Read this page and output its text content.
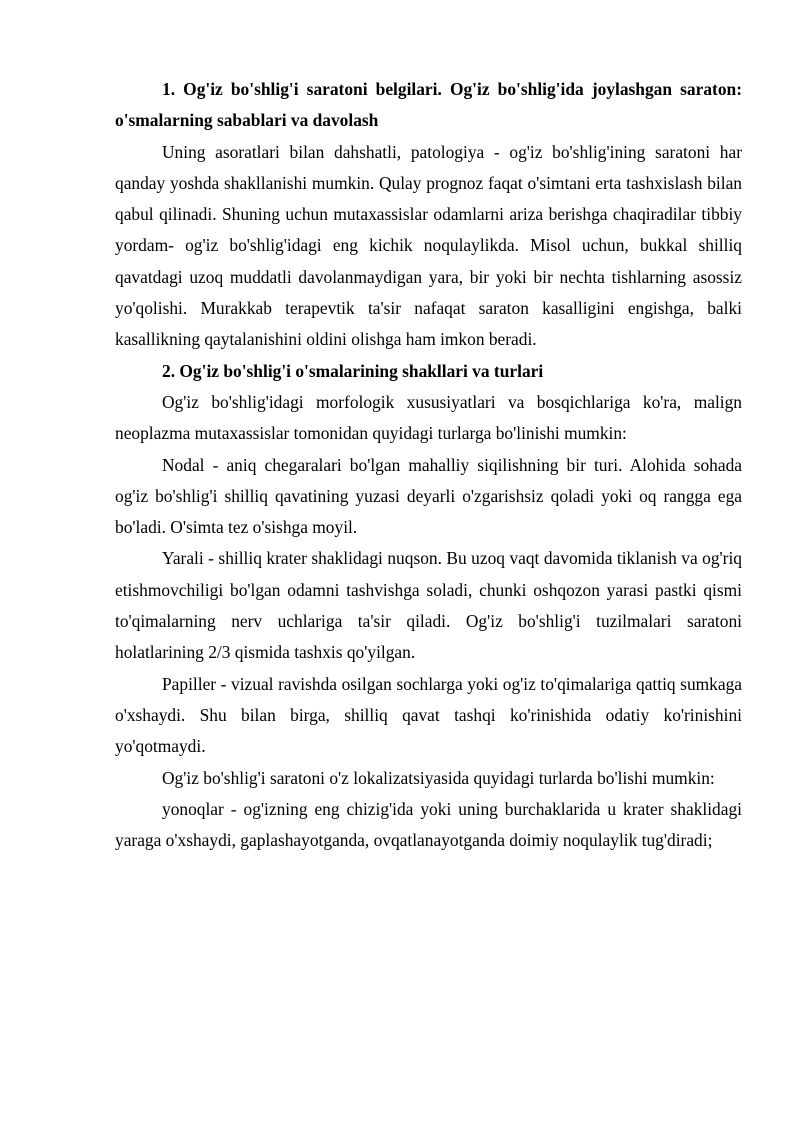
1. Og'iz bo'shlig'i saratoni belgilari. Og'iz bo'shlig'ida joylashgan saraton: o'smalarning sabablari va davolash

Uning asoratlari bilan dahshatli, patologiya - og'iz bo'shlig'ining saratoni har qanday yoshda shakllanishi mumkin. Qulay prognoz faqat o'simtani erta tashxislash bilan qabul qilinadi. Shuning uchun mutaxassislar odamlarni ariza berishga chaqiradilar tibbiy yordam- og'iz bo'shlig'idagi eng kichik noqulaylikda. Misol uchun, bukkal shilliq qavatdagi uzoq muddatli davolanmaydigan yara, bir yoki bir nechta tishlarning asossiz yo'qolishi. Murakkab terapevtik ta'sir nafaqat saraton kasalligini engishga, balki kasallikning qaytalanishini oldini olishga ham imkon beradi.

2. Og'iz bo'shlig'i o'smalarining shakllari va turlari

Og'iz bo'shlig'idagi morfologik xususiyatlari va bosqichlariga ko'ra, malign neoplazma mutaxassislar tomonidan quyidagi turlarga bo'linishi mumkin:

Nodal - aniq chegaralari bo'lgan mahalliy siqilishning bir turi. Alohida sohada og'iz bo'shlig'i shilliq qavatining yuzasi deyarli o'zgarishsiz qoladi yoki oq rangga ega bo'ladi. O'simta tez o'sishga moyil.

Yarali - shilliq krater shaklidagi nuqson. Bu uzoq vaqt davomida tiklanish va og'riq etishmovchiligi bo'lgan odamni tashvishga soladi, chunki oshqozon yarasi pastki qismi to'qimalarning nerv uchlariga ta'sir qiladi. Og'iz bo'shlig'i tuzilmalari saratoni holatlarining 2/3 qismida tashxis qo'yilgan.

Papiller - vizual ravishda osilgan sochlarga yoki og'iz to'qimalariga qattiq sumkaga o'xshaydi. Shu bilan birga, shilliq qavat tashqi ko'rinishida odatiy ko'rinishini yo'qotmaydi.

Og'iz bo'shlig'i saratoni o'z lokalizatsiyasida quyidagi turlarda bo'lishi mumkin:

yonoqlar - og'izning eng chizig'ida yoki uning burchaklarida u krater shaklidagi yaraga o'xshaydi, gaplashayotganda, ovqatlanayotganda doimiy noqulaylik tug'diradi;
